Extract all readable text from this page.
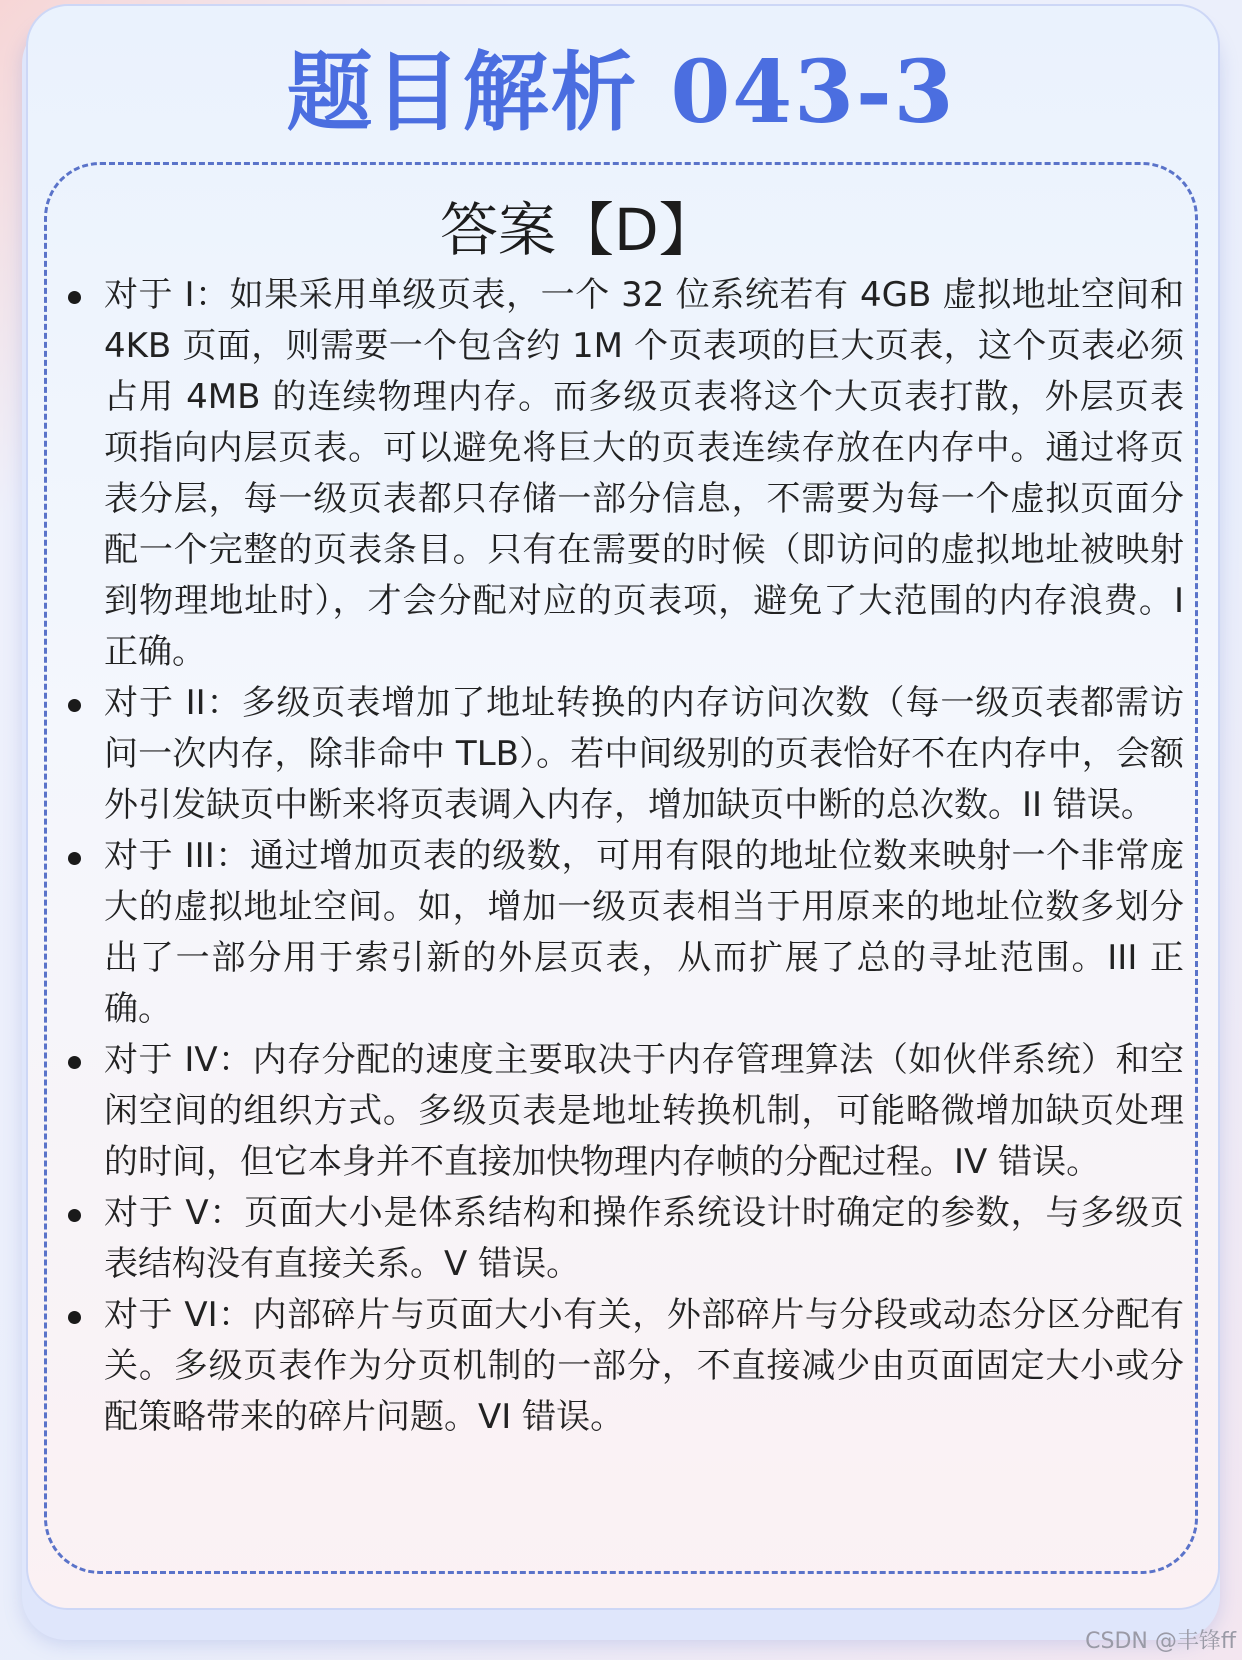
题目解析 043-3
答案【D】
对于 I：如果采用单级页表，一个 32 位系统若有 4GB 虚拟地址空间和 4KB 页面，则需要一个包含约 1M 个页表项的巨大页表，这个页表必须占用 4MB 的连续物理内存。而多级页表将这个大页表打散，外层页表项指向内层页表。可以避免将巨大的页表连续存放在内存中。通过将页表分层，每一级页表都只存储一部分信息，不需要为每一个虚拟页面分配一个完整的页表条目。只有在需要的时候（即访问的虚拟地址被映射到物理地址时），才会分配对应的页表项，避免了大范围的内存浪费。I 正确。
对于 II：多级页表增加了地址转换的内存访问次数（每一级页表都需访问一次内存，除非命中 TLB）。若中间级别的页表恰好不在内存中，会额外引发缺页中断来将页表调入内存，增加缺页中断的总次数。II 错误。
对于 III：通过增加页表的级数，可用有限的地址位数来映射一个非常庞大的虚拟地址空间。如，增加一级页表相当于用原来的地址位数多划分出了一部分用于索引新的外层页表，从而扩展了总的寻址范围。III 正确。
对于 IV：内存分配的速度主要取决于内存管理算法（如伙伴系统）和空闲空间的组织方式。多级页表是地址转换机制，可能略微增加缺页处理的时间，但它本身并不直接加快物理内存帧的分配过程。IV 错误。
对于 V：页面大小是体系结构和操作系统设计时确定的参数，与多级页表结构没有直接关系。V 错误。
对于 VI：内部碎片与页面大小有关，外部碎片与分段或动态分区分配有关。多级页表作为分页机制的一部分，不直接减少由页面固定大小或分配策略带来的碎片问题。VI 错误。
CSDN @丰锋ff
